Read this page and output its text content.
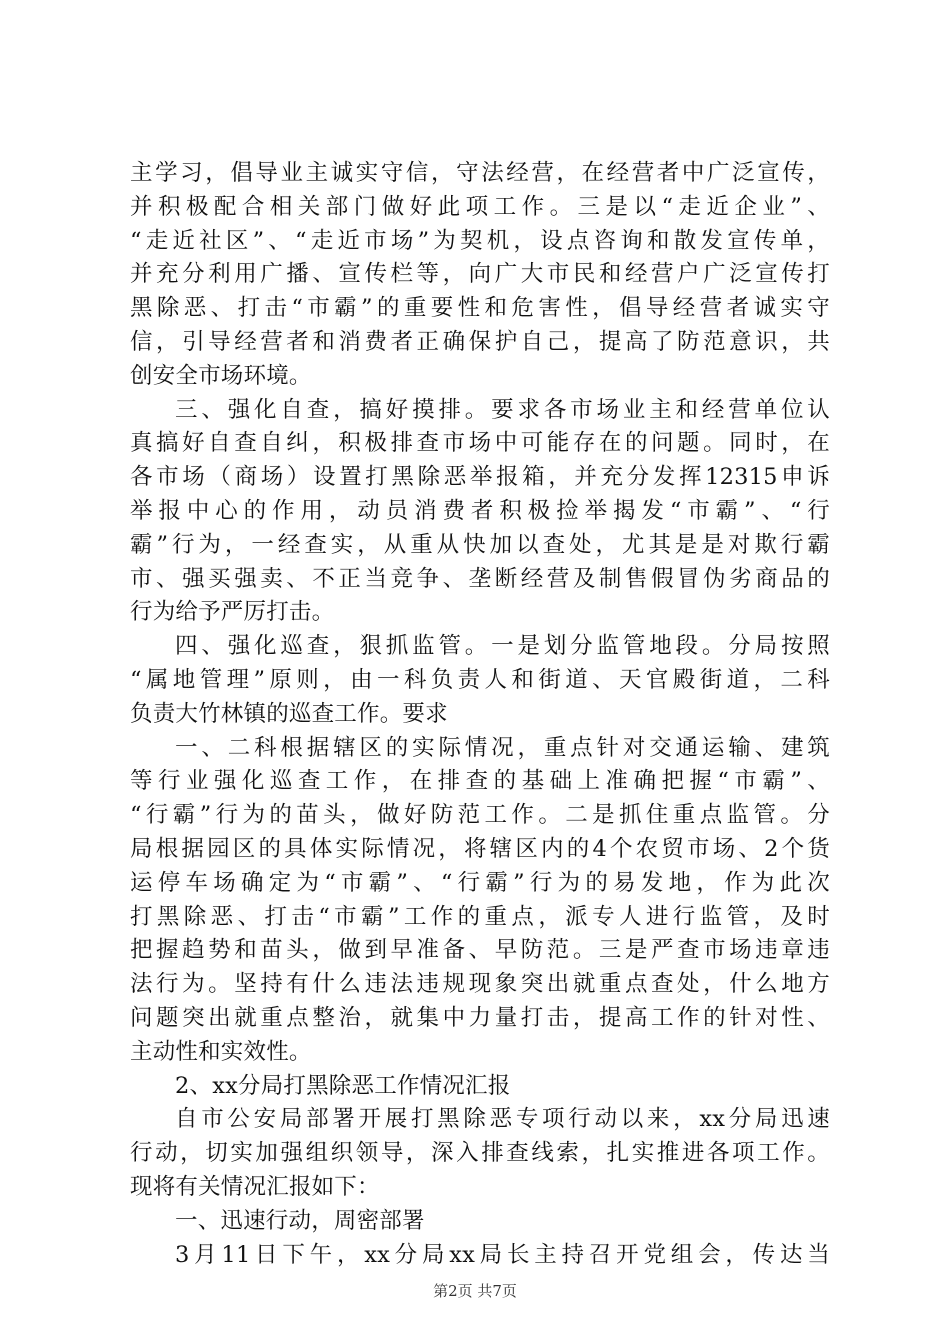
主学习，倡导业主诚实守信，守法经营，在经营者中广泛宣传，
并积极配合相关部门做好此项工作。三是以“走近企业”、
“走近社区”、“走近市场”为契机，设点咨询和散发宣传单，
并充分利用广播、宣传栏等，向广大市民和经营户广泛宣传打
黑除恶、打击“市霸”的重要性和危害性，倡导经营者诚实守
信，引导经营者和消费者正确保护自己，提高了防范意识，共
创安全市场环境。
三、强化自查，搞好摸排。要求各市场业主和经营单位认
真搞好自查自纠，积极排查市场中可能存在的问题。同时，在
各市场（商场）设置打黑除恶举报箱，并充分发挥12315申诉
举报中心的作用，动员消费者积极捡举揭发“市霸”、“行
霸”行为，一经查实，从重从快加以查处，尤其是是对欺行霸
市、强买强卖、不正当竞争、垄断经营及制售假冒伪劣商品的
行为给予严厉打击。
四、强化巡查，狠抓监管。一是划分监管地段。分局按照
“属地管理”原则，由一科负责人和街道、天官殿街道，二科
负责大竹林镇的巡查工作。要求
一、二科根据辖区的实际情况，重点针对交通运输、建筑
等行业强化巡查工作，在排查的基础上准确把握“市霸”、
“行霸”行为的苗头，做好防范工作。二是抓住重点监管。分
局根据园区的具体实际情况，将辖区内的4个农贸市场、2个货
运停车场确定为“市霸”、“行霸”行为的易发地，作为此次
打黑除恶、打击“市霸”工作的重点，派专人进行监管，及时
把握趋势和苗头，做到早准备、早防范。三是严查市场违章违
法行为。坚持有什么违法违规现象突出就重点查处，什么地方
问题突出就重点整治，就集中力量打击，提高工作的针对性、
主动性和实效性。
2、xx分局打黑除恶工作情况汇报
自市公安局部署开展打黑除恶专项行动以来，xx分局迅速
行动，切实加强组织领导，深入排查线索，扎实推进各项工作。
现将有关情况汇报如下：
一、迅速行动，周密部署
3月11日下午，xx分局xx局长主持召开党组会，传达当
第2页 共7页
